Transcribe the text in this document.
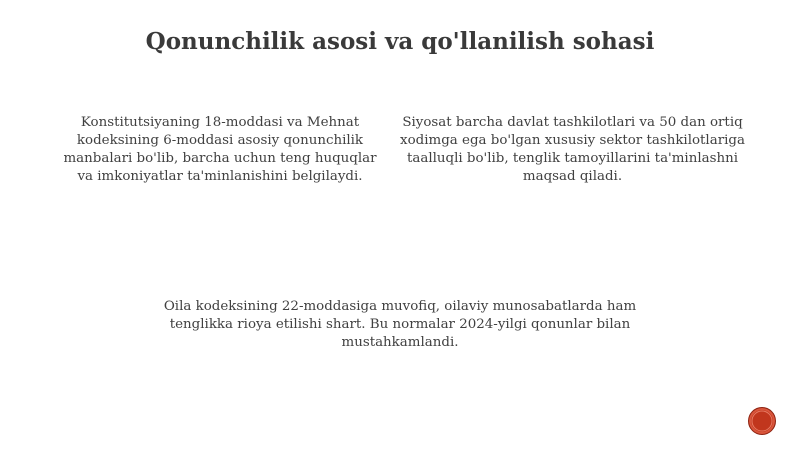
Qonunchilik asosi va qo'llanilish sohasi

Konstitutsiyaning 18-moddasi va Mehnat kodeksining 6-moddasi asosiy qonunchilik manbalari bo'lib, barcha uchun teng huquqlar va imkoniyatlar ta'minlanishini belgilaydi.

Siyosat barcha davlat tashkilotlari va 50 dan ortiq xodimga ega bo'lgan xususiy sektor tashkilotlariga taalluqli bo'lib, tenglik tamoyillarini ta'minlashni maqsad qiladi.

Oila kodeksining 22-moddasiga muvofiq, oilaviy munosabatlarda ham tenglikka rioya etilishi shart. Bu normalar 2024-yilgi qonunlar bilan mustahkamlandi.
